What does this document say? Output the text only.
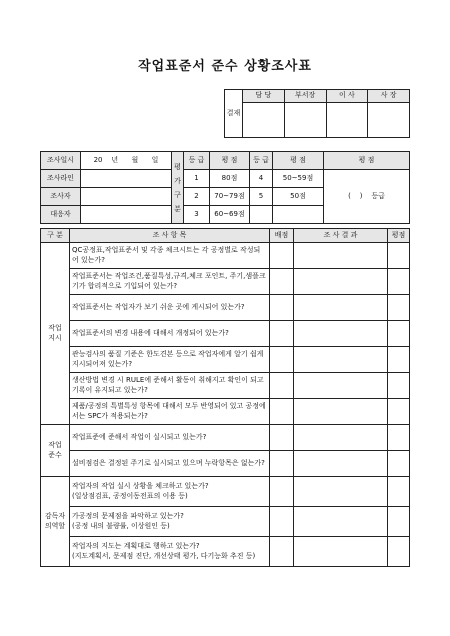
작업표준서 준수 상황조사표
결재	담 당	부서장	이 사	사 장

조사일시	20    년      월      일	평가구분	등 급	평 점	등 급	평 점	평 점
조사라인			1	80점	4	50~59점	(    )    등급
조사자			2	70~79점	5	50점	
대응자			3	60~69점			
구 분	조 사 항 목	배점	조 사 결 과	평점
작업
지시	QC공정표,작업표준서 및 각종 체크시트는 각 공정별로 작성되어 있는가?			
	작업표준서는 작업조건,품질특성,규격,체크 포인트, 주기,샘플크기가 합리적으로 기입되어 있는가?			
	작업표준서는 작업자가 보기 쉬운 곳에 게시되어 있는가?			
	작업표준서의 변경 내용에 대해서 개정되어 있는가?			
	관능검사의 품질 기준은 한도견본 등으로 작업자에게 알기 쉽게 지시되어져 있는가?			
	생산방법 변경 시 RULE에 준해서 활동이 취해지고 확인이 되고 기록이 유지되고 있는가?			
	제품/공정의 특별특성 항목에 대해서 모두 반영되어 있고 공정에서는 SPC가 적용되는가?			
작업
준수	작업표준에 준해서 작업이 실시되고 있는가?			
	설비점검은 결정된 주기로 실시되고 있으며 누락항목은 없는가?			
감독자
의역할	작업자의 작업 실시 상황을 체크하고 있는가?
(일상점검표, 공정이동전표의 이용 등)			
	가공정의 문제점을 파악하고 있는가?
(공정 내의 불량률, 이상원인 등)			
	작업자의 지도는 계획대로 행하고 있는가?
(지도계획서, 문제점 진단, 개선상태 평가, 다기능화 추진 등)			
